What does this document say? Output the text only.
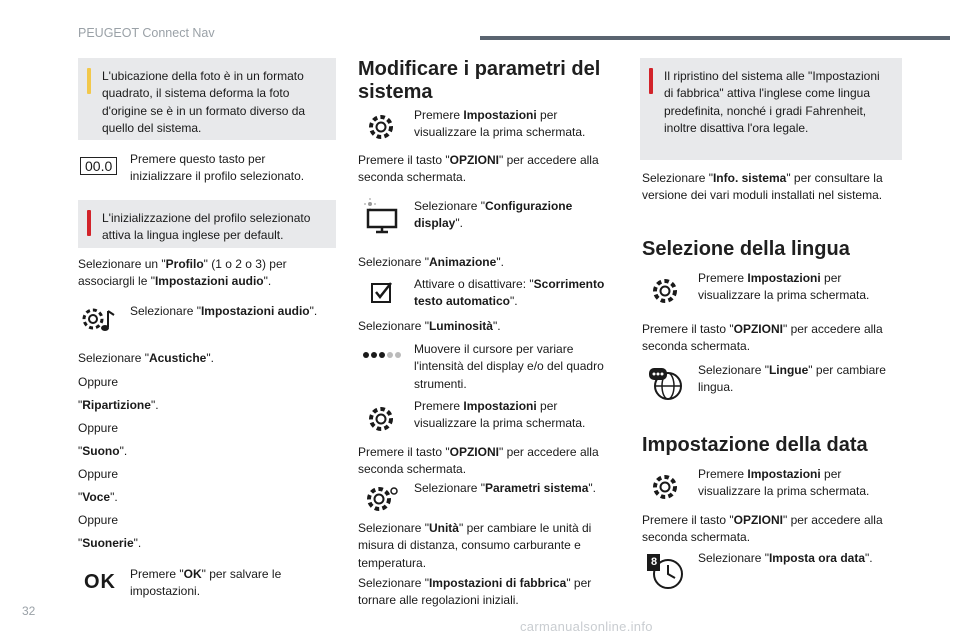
PEUGEOT Connect Nav
32
carmanualsonline.info

L'ubicazione della foto è in un formato quadrato, il sistema deforma la foto d'origine se è in un formato diverso da quello del sistema.

00.0	Premere questo tasto per inizializzare il profilo selezionato.

L'inizializzazione del profilo selezionato attiva la lingua inglese per default.

Selezionare un "Profilo" (1 o 2 o 3) per associargli le "Impostazioni audio".
Selezionare "Impostazioni audio".
Selezionare "Acustiche".
Oppure
"Ripartizione".
Oppure
"Suono".
Oppure
"Voce".
Oppure
"Suonerie".
OK Premere "OK" per salvare le impostazioni.
Modificare i parametri del sistema
Premere Impostazioni per visualizzare la prima schermata.
Premere il tasto "OPZIONI" per accedere alla seconda schermata.
Selezionare "Configurazione display".
Selezionare "Animazione".
Attivare o disattivare: "Scorrimento testo automatico".
Selezionare "Luminosità".
Muovere il cursore per variare l'intensità del display e/o del quadro strumenti.
Premere Impostazioni per visualizzare la prima schermata.
Premere il tasto "OPZIONI" per accedere alla seconda schermata.
Selezionare "Parametri sistema".
Selezionare "Unità" per cambiare le unità di misura di distanza, consumo carburante e temperatura.
Selezionare "Impostazioni di fabbrica" per tornare alle regolazioni iniziali.

Il ripristino del sistema alle "Impostazioni di fabbrica" attiva l'inglese come lingua predefinita, nonché i gradi Fahrenheit, inoltre disattiva l'ora legale.

Selezionare "Info. sistema" per consultare la versione dei vari moduli installati nel sistema.
Selezione della lingua
Premere Impostazioni per visualizzare la prima schermata.
Premere il tasto "OPZIONI" per accedere alla seconda schermata.
Selezionare "Lingue" per cambiare lingua.
Impostazione della data
Premere Impostazioni per visualizzare la prima schermata.
Premere il tasto "OPZIONI" per accedere alla seconda schermata.
8	Selezionare "Imposta ora data".
